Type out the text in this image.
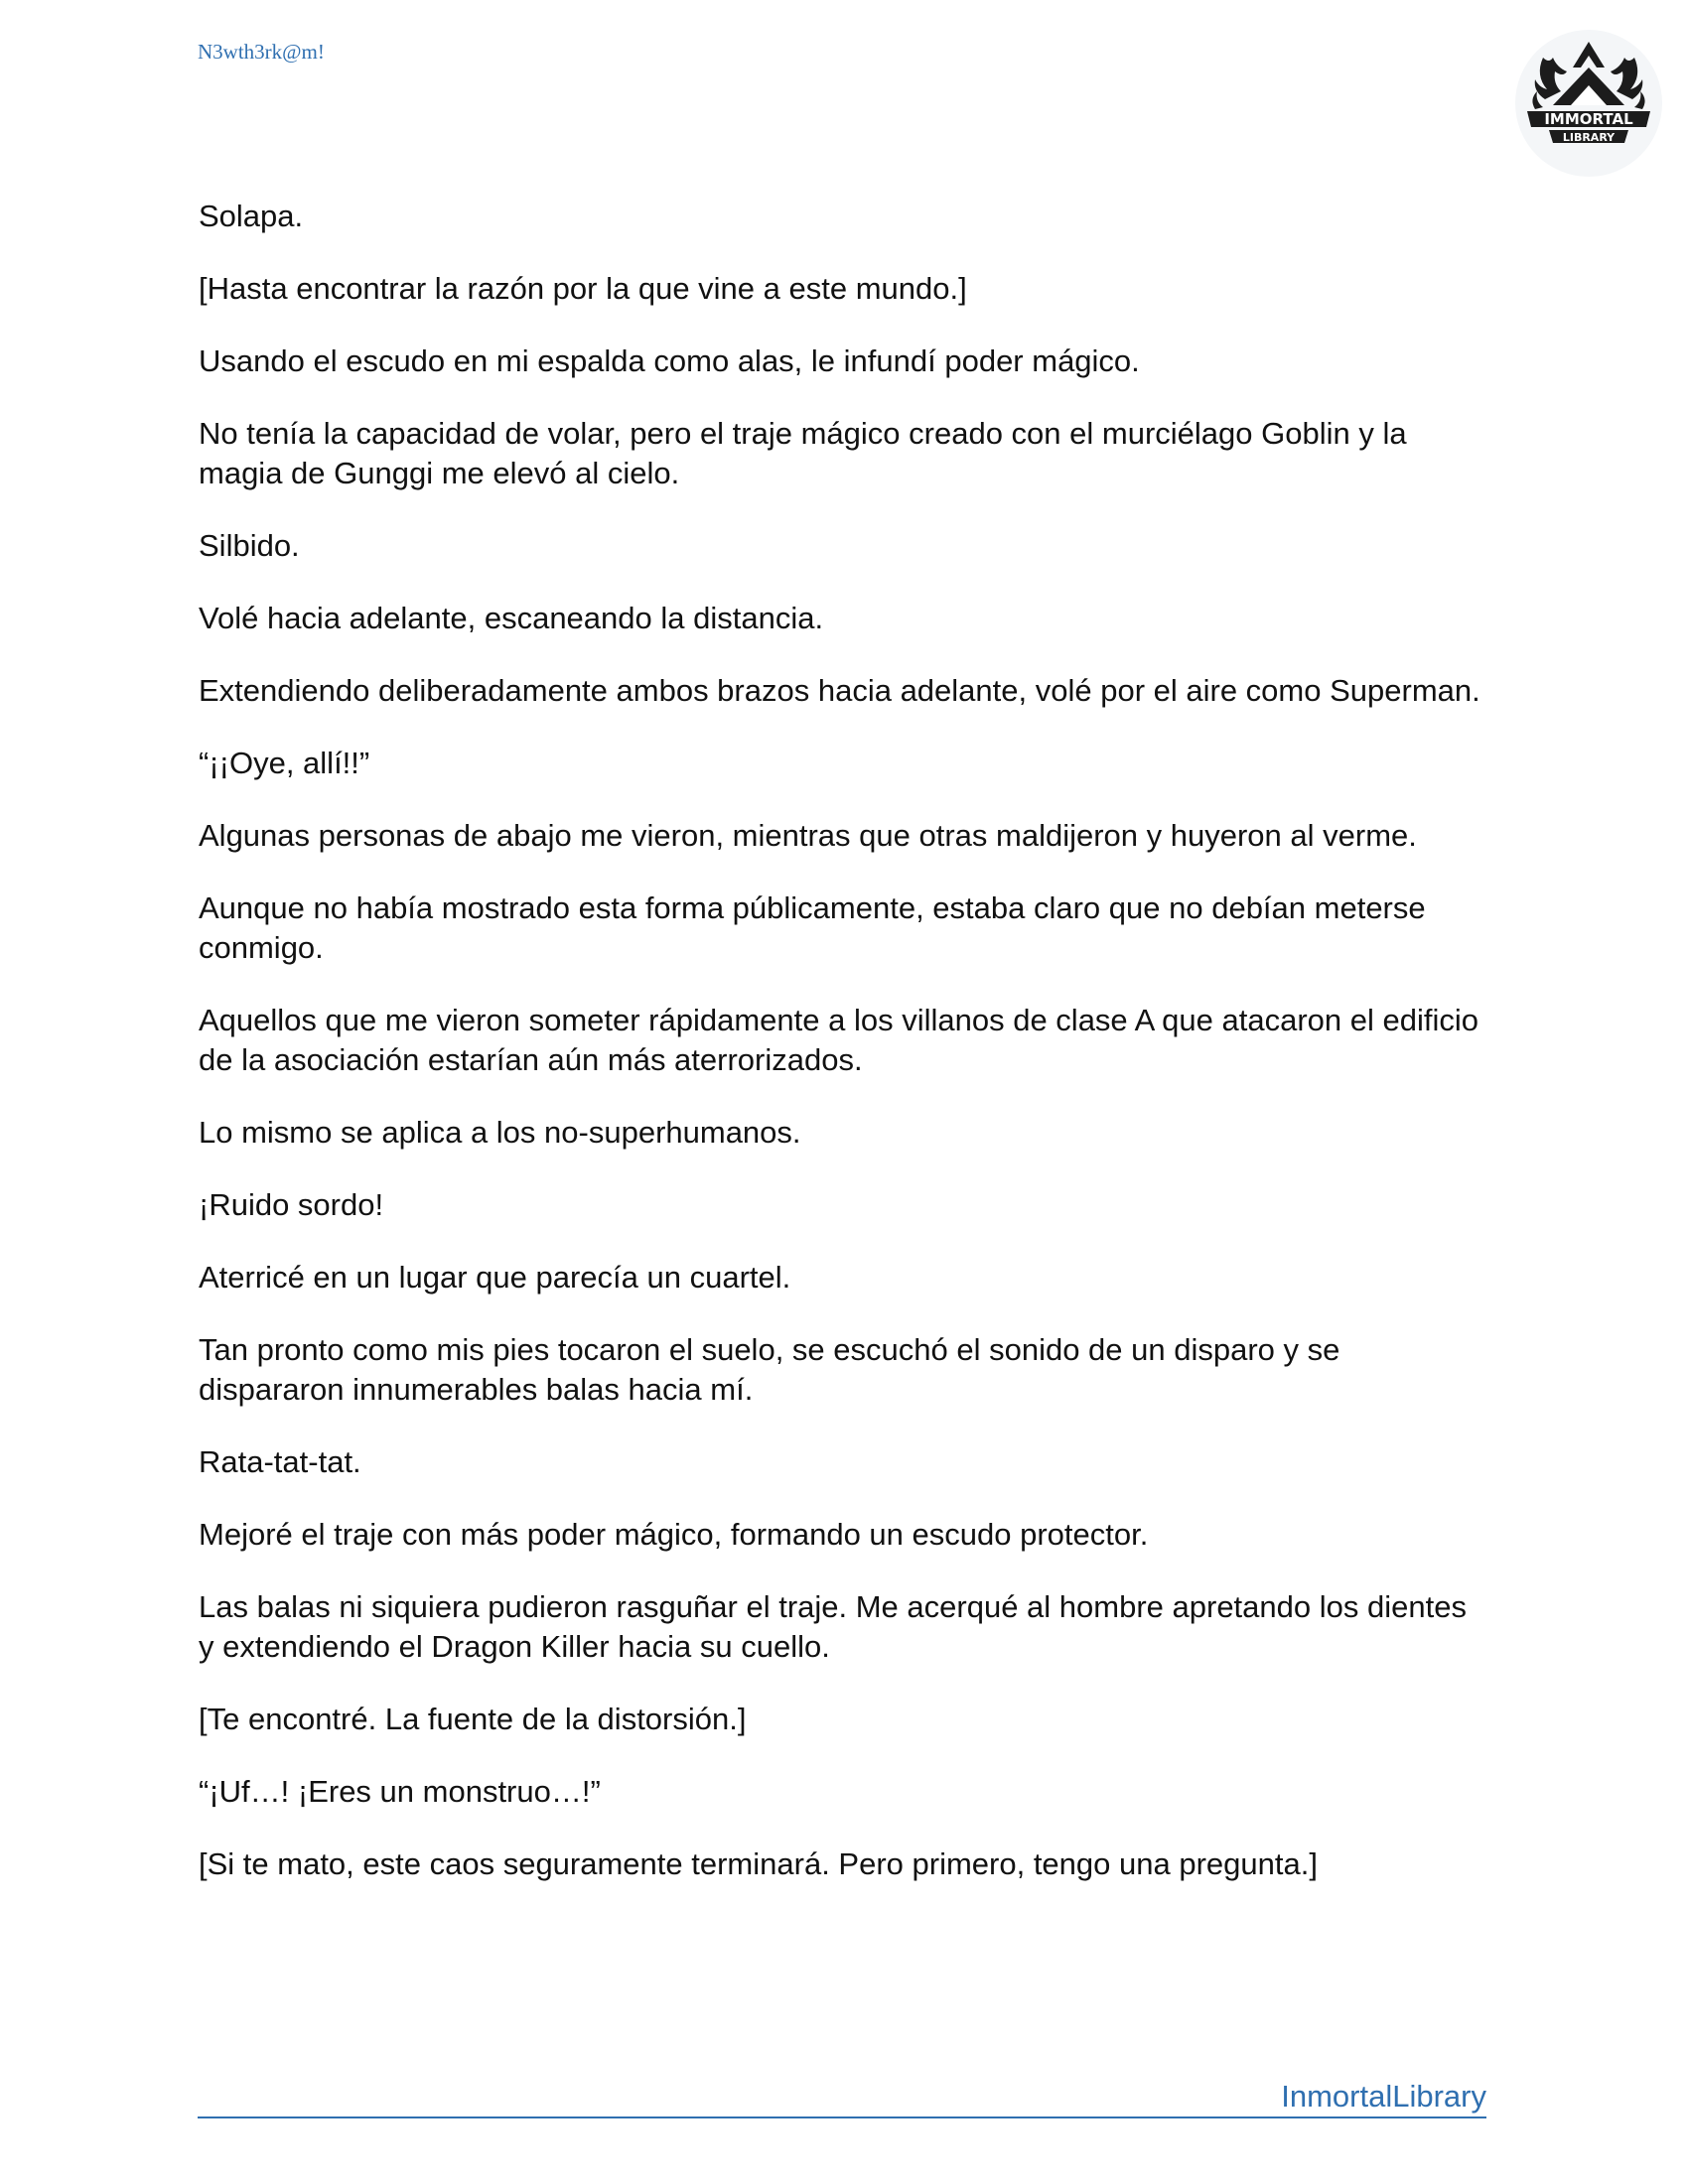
N3wth3rk@m!
IMMORTAL
LIBRARY

Solapa.

[Hasta encontrar la razón por la que vine a este mundo.]

Usando el escudo en mi espalda como alas, le infundí poder mágico.

No tenía la capacidad de volar, pero el traje mágico creado con el murciélago Goblin y la magia de Gunggi me elevó al cielo.

Silbido.

Volé hacia adelante, escaneando la distancia.

Extendiendo deliberadamente ambos brazos hacia adelante, volé por el aire como Superman.

“¡¡Oye, allí!!”

Algunas personas de abajo me vieron, mientras que otras maldijeron y huyeron al verme.

Aunque no había mostrado esta forma públicamente, estaba claro que no debían meterse conmigo.

Aquellos que me vieron someter rápidamente a los villanos de clase A que atacaron el edificio de la asociación estarían aún más aterrorizados.

Lo mismo se aplica a los no-superhumanos.

¡Ruido sordo!

Aterricé en un lugar que parecía un cuartel.

Tan pronto como mis pies tocaron el suelo, se escuchó el sonido de un disparo y se dispararon innumerables balas hacia mí.

Rata-tat-tat.

Mejoré el traje con más poder mágico, formando un escudo protector.

Las balas ni siquiera pudieron rasguñar el traje. Me acerqué al hombre apretando los dientes y extendiendo el Dragon Killer hacia su cuello.

[Te encontré. La fuente de la distorsión.]

“¡Uf…! ¡Eres un monstruo…!”

[Si te mato, este caos seguramente terminará. Pero primero, tengo una pregunta.]

InmortalLibrary
